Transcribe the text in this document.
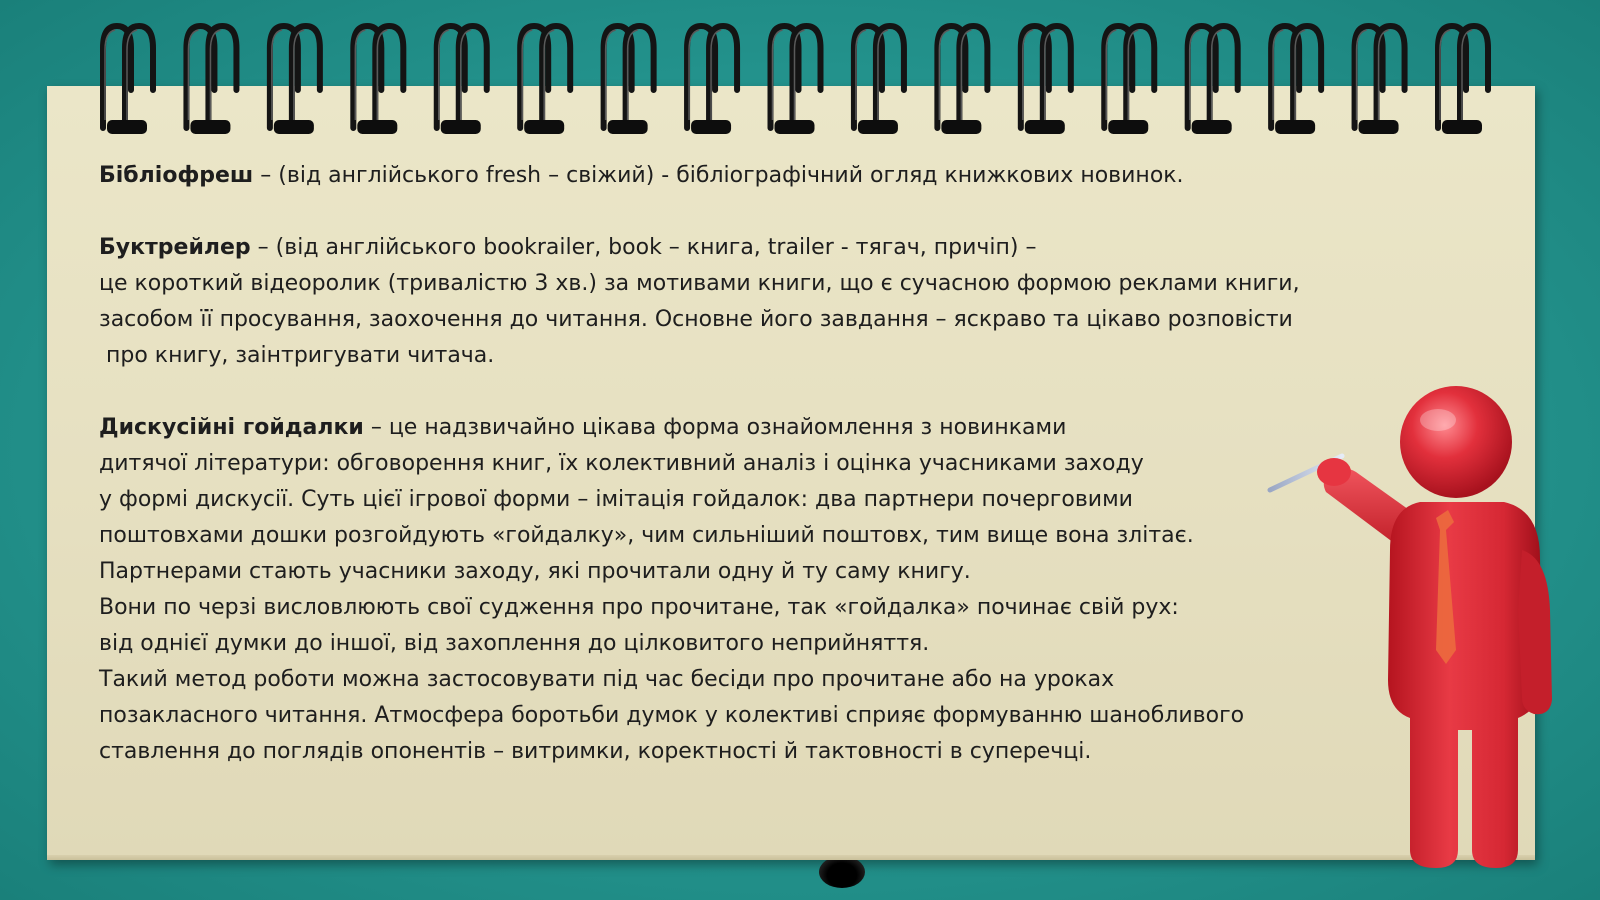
Бібліофреш – (від англійського fresh – свіжий) - бібліографічний огляд книжкових новинок.

Буктрейлер – (від англійського bookrailer, book – книга, trailer - тягач, причіп) –

це короткий відеоролик (тривалістю 3 хв.) за мотивами книги, що є сучасною формою реклами книги,

засобом її просування, заохочення до читання. Основне його завдання – яскраво та цікаво розповісти

про книгу, заінтригувати читача.

Дискусійні гойдалки – це надзвичайно цікава форма ознайомлення з новинками

дитячої літератури: обговорення книг, їх колективний аналіз і оцінка учасниками заходу

у формі дискусії. Суть цієї ігрової форми – імітація гойдалок: два партнери почерговими

поштовхами дошки розгойдують «гойдалку», чим сильніший поштовх, тим вище вона злітає.

Партнерами стають учасники заходу, які прочитали одну й ту саму книгу.

Вони по черзі висловлюють свої судження про прочитане, так «гойдалка» починає свій рух:

від однієї думки до іншої, від захоплення до цілковитого неприйняття.

Такий метод роботи можна застосовувати під час бесіди про прочитане або на уроках

позакласного читання. Атмосфера боротьби думок у колективі сприяє формуванню шанобливого

ставлення до поглядів опонентів – витримки, коректності й тактовності в суперечці.
